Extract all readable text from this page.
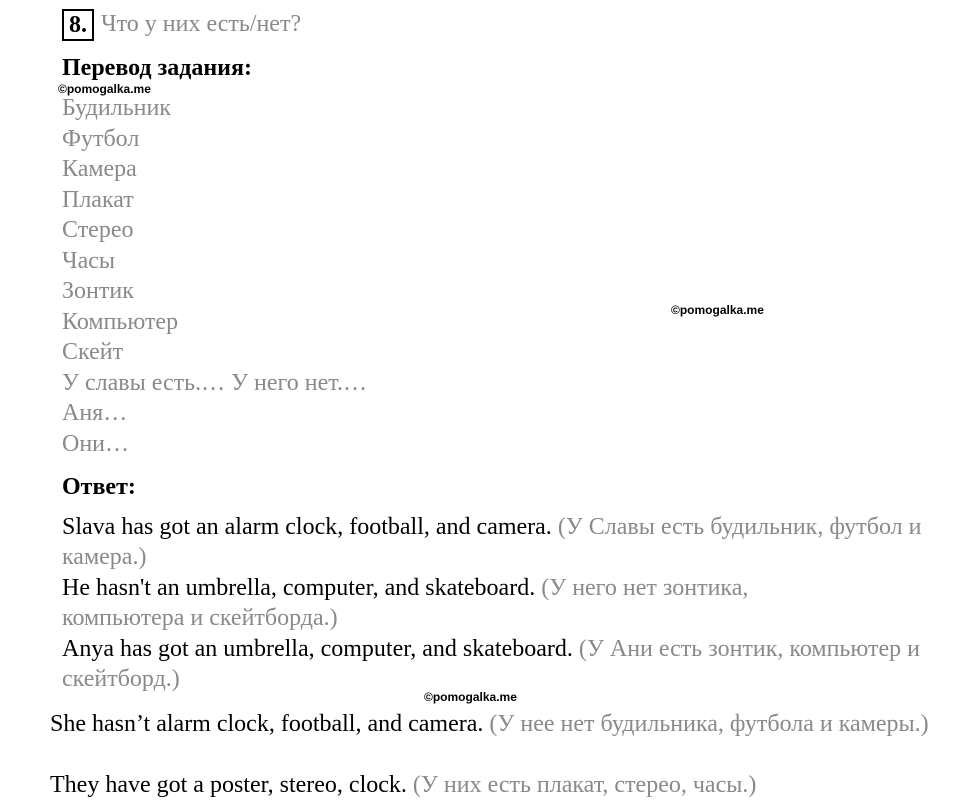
8. Что у них есть/нет?
Перевод задания:
©pomogalka.me
Будильник
Футбол
Камера
Плакат
Стерео
Часы
Зонтик
Компьютер
Скейт
У славы есть.… У него нет.…
Аня…
Они…
©pomogalka.me
Ответ:
Slava has got an alarm clock, football, and camera. (У Славы есть будильник, футбол и камера.)
He hasn't an umbrella, computer, and skateboard. (У него нет зонтика, компьютера и скейтборда.)
Anya has got an umbrella, computer, and skateboard. (У Ани есть зонтик, компьютер и скейтборд.)
©pomogalka.me
She hasn’t alarm clock, football, and camera. (У нее нет будильника, футбола и камеры.)
They have got a poster, stereo, clock. (У них есть плакат, стерео, часы.)
